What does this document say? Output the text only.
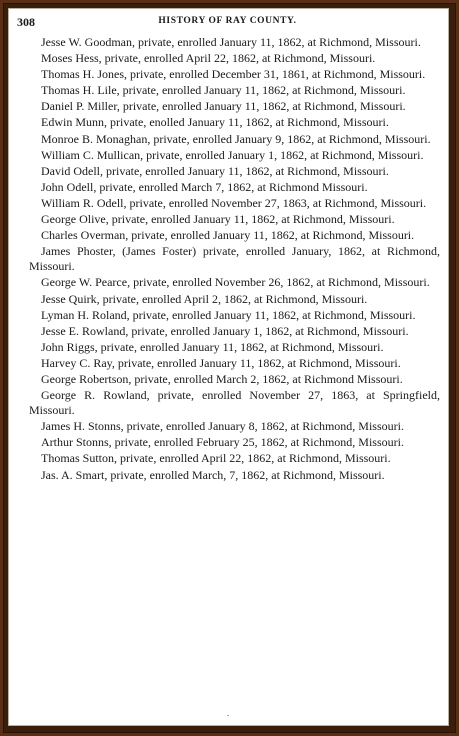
308	HISTORY OF RAY COUNTY.

Jesse W. Goodman, private, enrolled January 11, 1862, at Richmond, Missouri.

Moses Hess, private, enrolled April 22, 1862, at Richmond, Missouri.

Thomas H. Jones, private, enrolled December 31, 1861, at Richmond, Missouri.

Thomas H. Lile, private, enrolled January 11, 1862, at Richmond, Missouri.

Daniel P. Miller, private, enrolled January 11, 1862, at Richmond, Missouri.

Edwin Munn, private, enolled January 11, 1862, at Richmond, Missouri.

Monroe B. Monaghan, private, enrolled January 9, 1862, at Richmond, Missouri.

William C. Mullican, private, enrolled January 1, 1862, at Richmond, Missouri.

David Odell, private, enrolled January 11, 1862, at Richmond, Missouri.

John Odell, private, enrolled March 7, 1862, at Richmond Missouri.

William R. Odell, private, enrolled November 27, 1863, at Richmond, Missouri.

George Olive, private, enrolled January 11, 1862, at Richmond, Missouri.

Charles Overman, private, enrolled January 11, 1862, at Richmond, Missouri.

James Phoster, (James Foster) private, enrolled January, 1862, at Richmond, Missouri.

George W. Pearce, private, enrolled November 26, 1862, at Richmond, Missouri.

Jesse Quirk, private, enrolled April 2, 1862, at Richmond, Missouri.

Lyman H. Roland, private, enrolled January 11, 1862, at Richmond, Missouri.

Jesse E. Rowland, private, enrolled January 1, 1862, at Richmond, Missouri.

John Riggs, private, enrolled January 11, 1862, at Richmond, Missouri.

Harvey C. Ray, private, enrolled January 11, 1862, at Richmond, Missouri.

George Robertson, private, enrolled March 2, 1862, at Richmond Missouri.

George R. Rowland, private, enrolled November 27, 1863, at Springfield, Missouri.

James H. Stonns, private, enrolled January 8, 1862, at Richmond, Missouri.

Arthur Stonns, private, enrolled February 25, 1862, at Richmond, Missouri.

Thomas Sutton, private, enrolled April 22, 1862, at Richmond, Missouri.

Jas. A. Smart, private, enrolled March, 7, 1862, at Richmond, Missouri.

.
